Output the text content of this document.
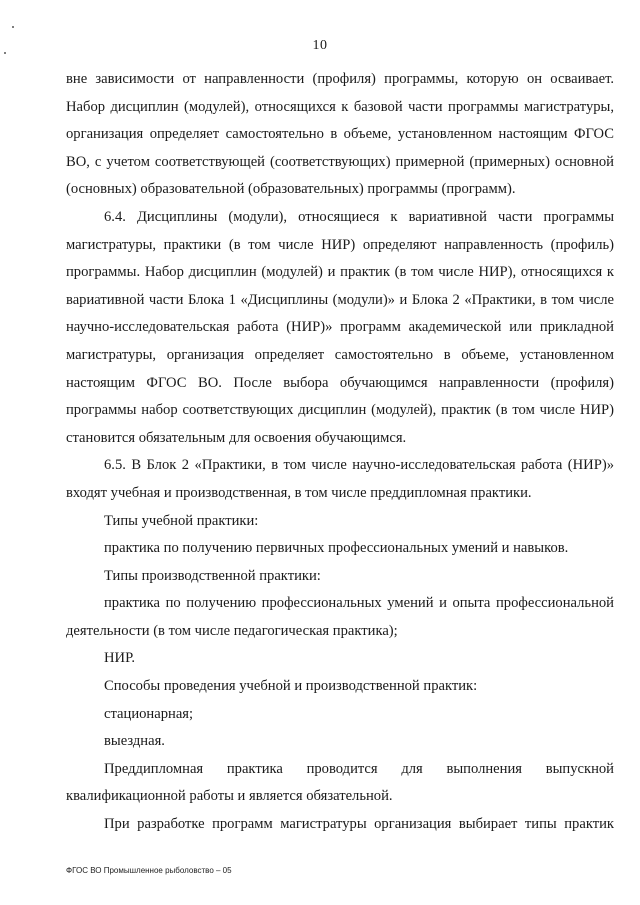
10

вне зависимости от направленности (профиля) программы, которую он осваивает. Набор дисциплин (модулей), относящихся к базовой части программы магистратуры, организация определяет самостоятельно в объеме, установленном настоящим ФГОС ВО, с учетом соответствующей (соответствующих) примерной (примерных) основной (основных) образовательной (образовательных) программы (программ).

6.4. Дисциплины (модули), относящиеся к вариативной части программы магистратуры, практики (в том числе НИР) определяют направленность (профиль) программы. Набор дисциплин (модулей) и практик (в том числе НИР), относящихся к вариативной части Блока 1 «Дисциплины (модули)» и Блока 2 «Практики, в том числе научно-исследовательская работа (НИР)» программ академической или прикладной магистратуры, организация определяет самостоятельно в объеме, установленном настоящим ФГОС ВО. После выбора обучающимся направленности (профиля) программы набор соответствующих дисциплин (модулей), практик (в том числе НИР) становится обязательным для освоения обучающимся.

6.5. В Блок 2 «Практики, в том числе научно-исследовательская работа (НИР)» входят учебная и производственная, в том числе преддипломная практики.

Типы учебной практики:

практика по получению первичных профессиональных умений и навыков.

Типы производственной практики:

практика по получению профессиональных умений и опыта профессиональной деятельности (в том числе педагогическая практика);

НИР.

Способы проведения учебной и производственной практик:

стационарная;

выездная.

Преддипломная практика проводится для выполнения выпускной квалификационной работы и является обязательной.

При разработке программ магистратуры организация выбирает типы практик

ФГОС ВО Промышленное рыболовство – 05
